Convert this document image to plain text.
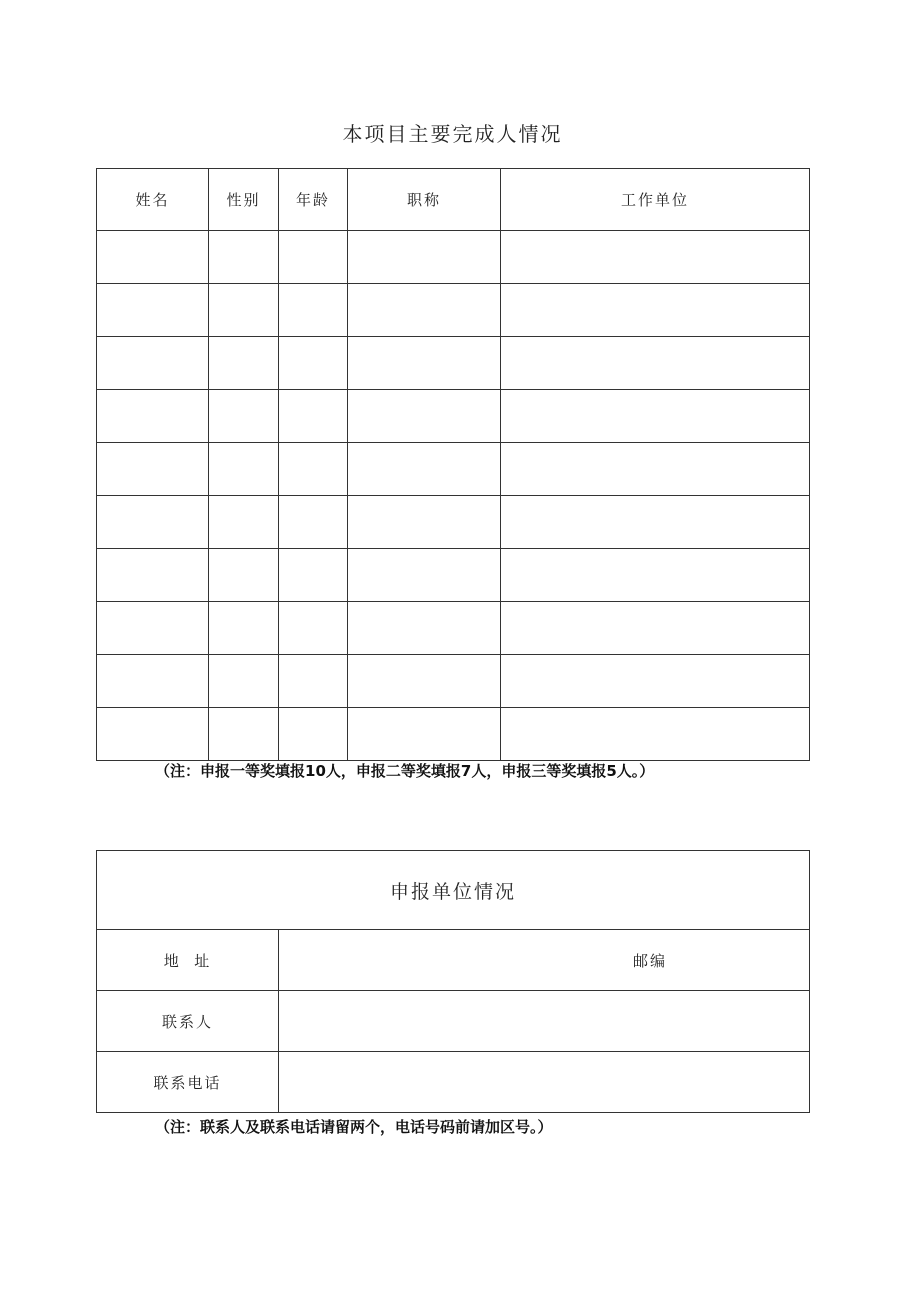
本项目主要完成人情况
姓名	性别	年龄	职称	工作单位

（注：申报一等奖填报10人，申报二等奖填报7人，申报三等奖填报5人。）
申报单位情况	
地  址	邮编

联系人	
联系电话	
（注：联系人及联系电话请留两个，电话号码前请加区号。）
